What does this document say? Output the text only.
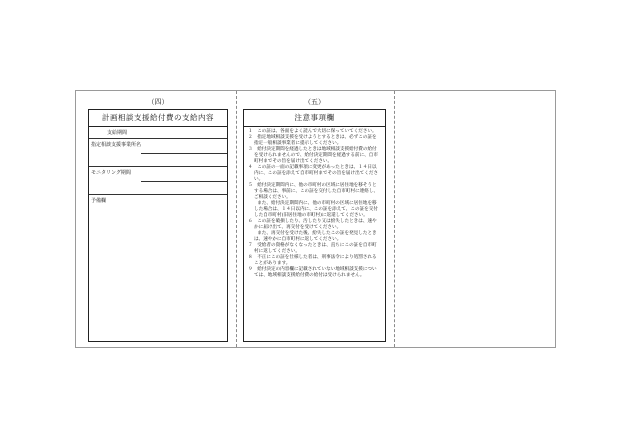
（四）	（五）
計画相談支援給付費の支給内容
支給期間
指定相談支援事業所名
モニタリング期間
予備欄
注意事項欄

１　この証は、各面をよく読んで大切に保っていてください。

２　指定地域相談支援を受けようとするときは、必ずこの証を指定一般相談事業者に提示してください。

３　給付決定期間を経過したときは地域相談支援給付費の給付を受けられませんので、給付決定期間を経過する前に、自市町村までその旨を届け出てください。

４　この証の一面の記載事項に変更があったときは、１４日以内に、この証を添えて自市町村までその旨を届け出てください。

５　給付決定期間内に、他の市町村の区域に居住地を移そうとする場合は、事前に、この証を交付した自市町村に連絡し、ご相談ください。

　　また、給付決定期間内に、他の市町村の区域に居住地を移した場合は、１４日以内に、この証を添えて、この証を交付した自市町村(旧居住地の市町村)に返還してください。

６　この証を破損したり、汚したり又は紛失したときは、速やかに届け出て、再交付を受けてください。

　　また、再交付を受けた後、紛失したこの証を発見したときは、速やかに自市町村に返してください。

７　受給者の資格がなくなったときは、直ちにこの証を自市町村に返してください。

８　不正にこの証を仕様した者は、刑事法令により処罰されることがあります。

９　給付決定の内容欄に記載されていない地域相談支援については、地域相談支援給付費の給付は受けられません。
